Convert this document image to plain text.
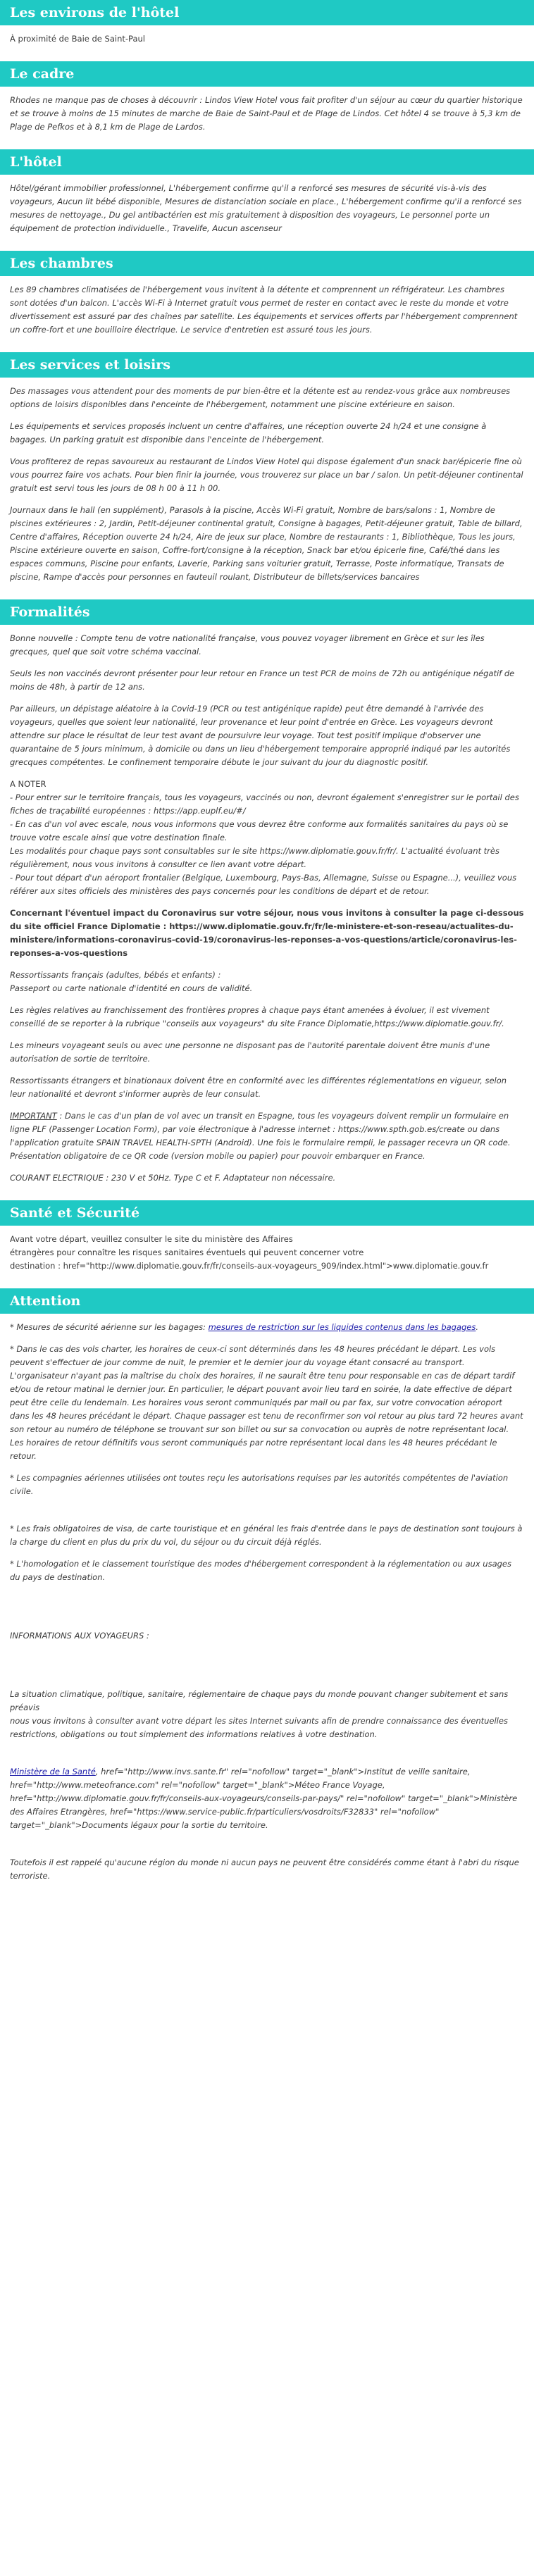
Les environs de l'hôtel

À proximité de Baie de Saint-Paul

Le cadre

Rhodes ne manque pas de choses à découvrir : Lindos View Hotel vous fait profiter d'un séjour au cœur du quartier historique et se trouve à moins de 15 minutes de marche de Baie de Saint-Paul et de Plage de Lindos. Cet hôtel 4 se trouve à 5,3 km de Plage de Pefkos et à 8,1 km de Plage de Lardos.

L'hôtel

Hôtel/gérant immobilier professionnel, L'hébergement confirme qu'il a renforcé ses mesures de sécurité vis-à-vis des voyageurs, Aucun lit bébé disponible, Mesures de distanciation sociale en place., L'hébergement confirme qu'il a renforcé ses mesures de nettoyage., Du gel antibactérien est mis gratuitement à disposition des voyageurs, Le personnel porte un équipement de protection individuelle., Travelife, Aucun ascenseur

Les chambres

Les 89 chambres climatisées de l'hébergement vous invitent à la détente et comprennent un réfrigérateur. Les chambres sont dotées d'un balcon. L'accès Wi-Fi à Internet gratuit vous permet de rester en contact avec le reste du monde et votre divertissement est assuré par des chaînes par satellite. Les équipements et services offerts par l'hébergement comprennent un coffre-fort et une bouilloire électrique. Le service d'entretien est assuré tous les jours.

Les services et loisirs

Des massages vous attendent pour des moments de pur bien-être et la détente est au rendez-vous grâce aux nombreuses options de loisirs disponibles dans l'enceinte de l'hébergement, notamment une piscine extérieure en saison.

Les équipements et services proposés incluent un centre d'affaires, une réception ouverte 24 h/24 et une consigne à bagages. Un parking gratuit est disponible dans l'enceinte de l'hébergement.

Vous profiterez de repas savoureux au restaurant de Lindos View Hotel qui dispose également d'un snack bar/épicerie fine où vous pourrez faire vos achats. Pour bien finir la journée, vous trouverez sur place un bar / salon. Un petit-déjeuner continental gratuit est servi tous les jours de 08 h 00 à 11 h 00.

Journaux dans le hall (en supplément), Parasols à la piscine, Accès Wi-Fi gratuit, Nombre de bars/salons : 1, Nombre de piscines extérieures : 2, Jardin, Petit-déjeuner continental gratuit, Consigne à bagages, Petit-déjeuner gratuit, Table de billard, Centre d'affaires, Réception ouverte 24 h/24, Aire de jeux sur place, Nombre de restaurants : 1, Bibliothèque, Tous les jours, Piscine extérieure ouverte en saison, Coffre-fort/consigne à la réception, Snack bar et/ou épicerie fine, Café/thé dans les espaces communs, Piscine pour enfants, Laverie, Parking sans voiturier gratuit, Terrasse, Poste informatique, Transats de piscine, Rampe d'accès pour personnes en fauteuil roulant, Distributeur de billets/services bancaires

Formalités

Bonne nouvelle : Compte tenu de votre nationalité française, vous pouvez voyager librement en Grèce et sur les îles grecques, quel que soit votre schéma vaccinal.

Seuls les non vaccinés devront présenter pour leur retour en France un test PCR de moins de 72h ou antigénique négatif de moins de 48h, à partir de 12 ans.

Par ailleurs, un dépistage aléatoire à la Covid-19 (PCR ou test antigénique rapide) peut être demandé à l'arrivée des voyageurs, quelles que soient leur nationalité, leur provenance et leur point d'entrée en Grèce. Les voyageurs devront attendre sur place le résultat de leur test avant de poursuivre leur voyage. Tout test positif implique d'observer une quarantaine de 5 jours minimum, à domicile ou dans un lieu d'hébergement temporaire approprié indiqué par les autorités grecques compétentes. Le confinement temporaire débute le jour suivant du jour du diagnostic positif.

A NOTER
- Pour entrer sur le territoire français, tous les voyageurs, vaccinés ou non, devront également s'enregistrer sur le portail des fiches de traçabilité européennes : https://app.euplf.eu/#/
- En cas d'un vol avec escale, nous vous informons que vous devrez être conforme aux formalités sanitaires du pays où se trouve votre escale ainsi que votre destination finale.
Les modalités pour chaque pays sont consultables sur le site https://www.diplomatie.gouv.fr/fr/. L'actualité évoluant très régulièrement, nous vous invitons à consulter ce lien avant votre départ.
- Pour tout départ d'un aéroport frontalier (Belgique, Luxembourg, Pays-Bas, Allemagne, Suisse ou Espagne...), veuillez vous référer aux sites officiels des ministères des pays concernés pour les conditions de départ et de retour.

Concernant l'éventuel impact du Coronavirus sur votre séjour, nous vous invitons à consulter la page ci-dessous du site officiel France Diplomatie : https://www.diplomatie.gouv.fr/fr/le-ministere-et-son-reseau/actualites-du-ministere/informations-coronavirus-covid-19/coronavirus-les-reponses-a-vos-questions/article/coronavirus-les-reponses-a-vos-questions

Ressortissants français (adultes, bébés et enfants) :
Passeport ou carte nationale d'identité en cours de validité.

Les règles relatives au franchissement des frontières propres à chaque pays étant amenées à évoluer, il est vivement conseillé de se reporter à la rubrique "conseils aux voyageurs" du site France Diplomatie,https://www.diplomatie.gouv.fr/.

Les mineurs voyageant seuls ou avec une personne ne disposant pas de l'autorité parentale doivent être munis d'une autorisation de sortie de territoire.

Ressortissants étrangers et binationaux doivent être en conformité avec les différentes réglementations en vigueur, selon leur nationalité et devront s'informer auprès de leur consulat.

IMPORTANT : Dans le cas d'un plan de vol avec un transit en Espagne, tous les voyageurs doivent remplir un formulaire en ligne PLF (Passenger Location Form), par voie électronique à l'adresse internet : https://www.spth.gob.es/create ou dans l'application gratuite SPAIN TRAVEL HEALTH-SPTH (Android). Une fois le formulaire rempli, le passager recevra un QR code. Présentation obligatoire de ce QR code (version mobile ou papier) pour pouvoir embarquer en France.

COURANT ELECTRIQUE : 230 V et 50Hz. Type C et F. Adaptateur non nécessaire.

Santé et Sécurité
Avant votre départ, veuillez consulter le site du ministère des Affaires
étrangères pour connaître les risques sanitaires éventuels qui peuvent concerner votre
destination : href="http://www.diplomatie.gouv.fr/fr/conseils-aux-voyageurs_909/index.html">www.diplomatie.gouv.fr
Attention

* Mesures de sécurité aérienne sur les bagages: mesures de restriction sur les liquides contenus dans les bagages.

* Dans le cas des vols charter, les horaires de ceux-ci sont déterminés dans les 48 heures précédant le départ. Les vols peuvent s'effectuer de jour comme de nuit, le premier et le dernier jour du voyage étant consacré au transport. L'organisateur n'ayant pas la maîtrise du choix des horaires, il ne saurait être tenu pour responsable en cas de départ tardif et/ou de retour matinal le dernier jour. En particulier, le départ pouvant avoir lieu tard en soirée, la date effective de départ peut être celle du lendemain. Les horaires vous seront communiqués par mail ou par fax, sur votre convocation aéroport dans les 48 heures précédant le départ. Chaque passager est tenu de reconfirmer son vol retour au plus tard 72 heures avant son retour au numéro de téléphone se trouvant sur son billet ou sur sa convocation ou auprès de notre représentant local. Les horaires de retour définitifs vous seront communiqués par notre représentant local dans les 48 heures précédant le retour.

* Les compagnies aériennes utilisées ont toutes reçu les autorisations requises par les autorités compétentes de l'aviation civile.

* Les frais obligatoires de visa, de carte touristique et en général les frais d'entrée dans le pays de destination sont toujours à la charge du client en plus du prix du vol, du séjour ou du circuit déjà réglés.

* L'homologation et le classement touristique des modes d'hébergement correspondent à la réglementation ou aux usages du pays de destination.

INFORMATIONS AUX VOYAGEURS :

La situation climatique, politique, sanitaire, réglementaire de chaque pays du monde pouvant changer subitement et sans préavis
nous vous invitons à consulter avant votre départ les sites Internet suivants afin de prendre connaissance des éventuelles restrictions, obligations ou tout simplement des informations relatives à votre destination.

Ministère de la Santé, href="http://www.invs.sante.fr" rel="nofollow" target="_blank">Institut de veille sanitaire, href="http://www.meteofrance.com" rel="nofollow" target="_blank">Méteo France Voyage, href="http://www.diplomatie.gouv.fr/fr/conseils-aux-voyageurs/conseils-par-pays/" rel="nofollow" target="_blank">Ministère des Affaires Etrangères, href="https://www.service-public.fr/particuliers/vosdroits/F32833" rel="nofollow" target="_blank">Documents légaux pour la sortie du territoire.

Toutefois il est rappelé qu'aucune région du monde ni aucun pays ne peuvent être considérés comme étant à l'abri du risque terroriste.
